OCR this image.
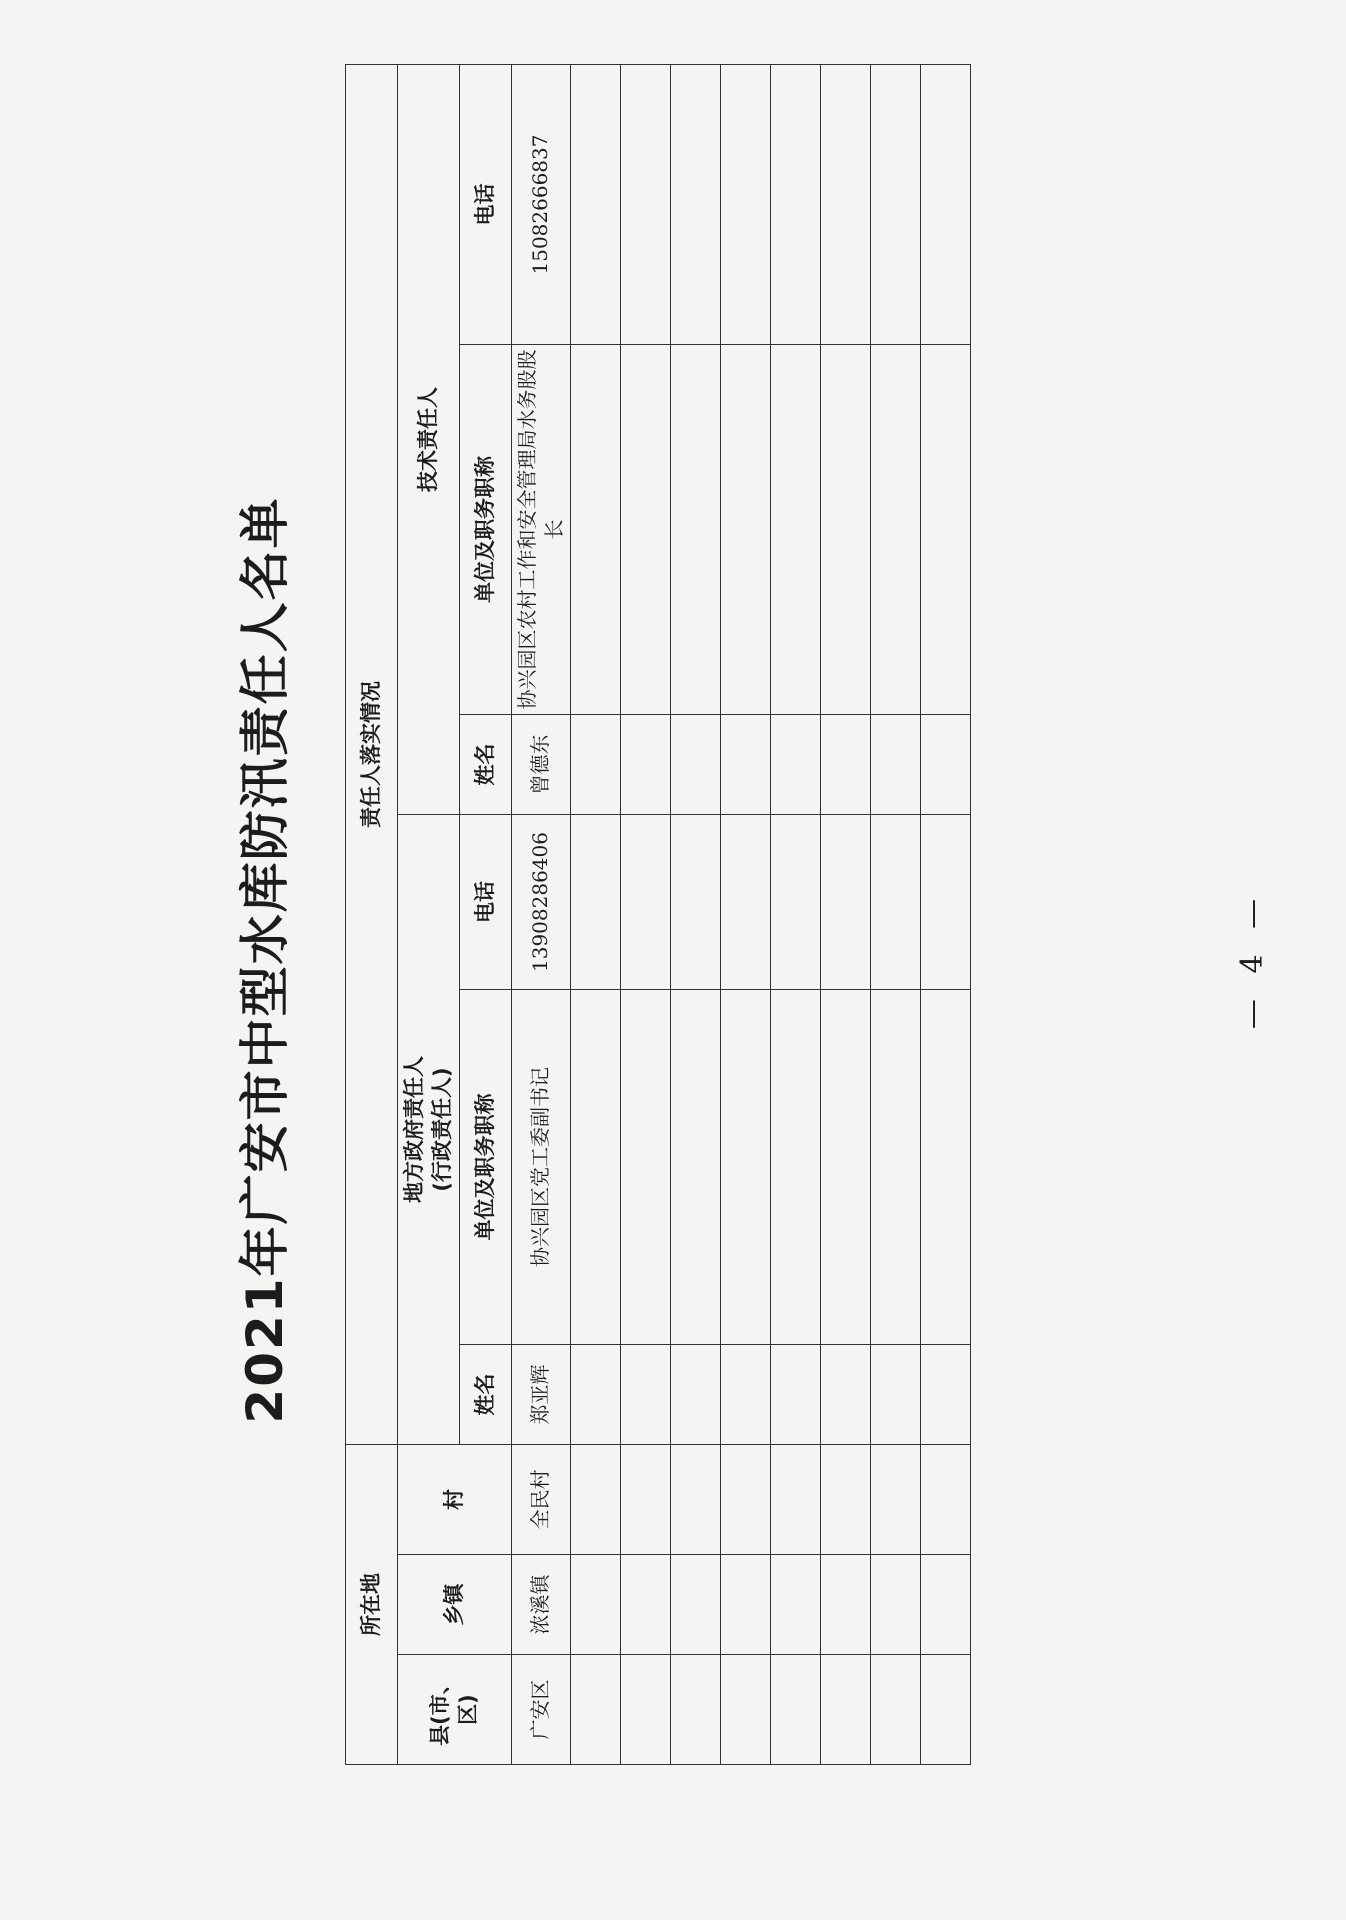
2021年广安市中型水库防汛责任人名单
所在地			责任人落实情况					
县(市、区)	乡镇	村	地方政府责任人 (行政责任人)			技术责任人		
			姓名	单位及职务职称	电话	姓名	单位及职务职称	电话
广安区	浓溪镇	全民村	郑亚辉	协兴园区党工委副书记	13908286406	曾德东	协兴园区农村工作和安全管理局水务股股长	15082666837

— 4 —
